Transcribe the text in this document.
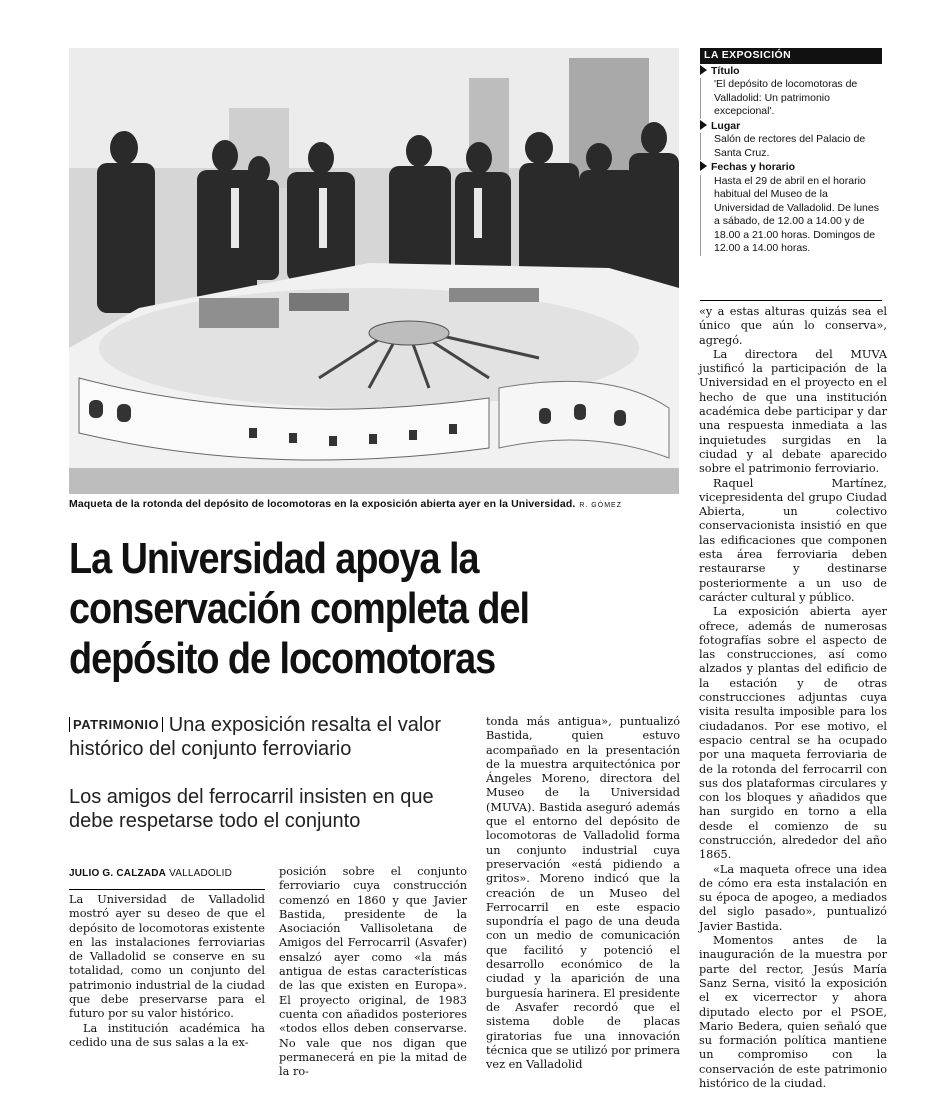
Maqueta de la rotonda del depósito de locomotoras en la exposición abierta ayer en la Universidad. R. GÓMEZ
La Universidad apoya la
conservación completa del
depósito de locomotoras
PATRIMONIO Una exposición resalta el valor histórico del conjunto ferroviario
Los amigos del ferrocarril insisten en que debe respetarse todo el conjunto
JULIO G. CALZADA VALLADOLID

La Universidad de Valladolid mostró ayer su deseo de que el depósito de locomotoras existente en las instalaciones ferroviarias de Valladolid se conserve en su totalidad, como un conjunto del patrimonio industrial de la ciudad que debe preservarse para el futuro por su valor histórico.

La institución académica ha cedido una de sus salas a la ex-

posición sobre el conjunto ferroviario cuya construcción comenzó en 1860 y que Javier Bastida, presidente de la Asociación Vallisoletana de Amigos del Ferrocarril (Asvafer) ensalzó ayer como «la más antigua de estas características de las que existen en Europa». El proyecto original, de 1983 cuenta con añadidos posteriores «todos ellos deben conservarse. No vale que nos digan que permanecerá en pie la mitad de la ro-

tonda más antigua», puntualizó Bastida, quien estuvo acompañado en la presentación de la muestra arquitectónica por Ángeles Moreno, directora del Museo de la Universidad (MUVA). Bastida aseguró además que el entorno del depósito de locomotoras de Valladolid forma un conjunto industrial cuya preservación «está pidiendo a gritos». Moreno indicó que la creación de un Museo del Ferrocarril en este espacio supondría el pago de una deuda con un medio de comunicación que facilitó y potenció el desarrollo económico de la ciudad y la aparición de una burguesía harinera. El presidente de Asvafer recordó que el sistema doble de placas giratorias fue una innovación técnica que se utilizó por primera vez en Valladolid

«y a estas alturas quizás sea el único que aún lo conserva», agregó.

La directora del MUVA justificó la participación de la Universidad en el proyecto en el hecho de que una institución académica debe participar y dar una respuesta inmediata a las inquietudes surgidas en la ciudad y al debate aparecido sobre el patrimonio ferroviario.

Raquel Martínez, vicepresidenta del grupo Ciudad Abierta, un colectivo conservacionista insistió en que las edificaciones que componen esta área ferroviaria deben restaurarse y destinarse posteriormente a un uso de carácter cultural y público.

La exposición abierta ayer ofrece, además de numerosas fotografías sobre el aspecto de las construcciones, así como alzados y plantas del edificio de la estación y de otras construcciones adjuntas cuya visita resulta imposible para los ciudadanos. Por ese motivo, el espacio central se ha ocupado por una maqueta ferroviaria de de la rotonda del ferrocarril con sus dos plataformas circulares y con los bloques y añadidos que han surgido en torno a ella desde el comienzo de su construcción, alrededor del año 1865.

«La maqueta ofrece una idea de cómo era esta instalación en su época de apogeo, a mediados del siglo pasado», puntualizó Javier Bastida.

Momentos antes de la inauguración de la muestra por parte del rector, Jesús María Sanz Serna, visitó la exposición el ex vicerrector y ahora diputado electo por el PSOE, Mario Bedera, quien señaló que su formación política mantiene un compromiso con la conservación de este patrimonio histórico de la ciudad.

LA EXPOSICIÓN
Título
'El depósito de locomotoras de Valladolid: Un patrimonio excepcional'.
Lugar
Salón de rectores del Palacio de Santa Cruz.
Fechas y horario
Hasta el 29 de abril en el horario habitual del Museo de la Universidad de Valladolid. De lunes a sábado, de 12.00 a 14.00 y de 18.00 a 21.00 horas. Domingos de 12.00 a 14.00 horas.
